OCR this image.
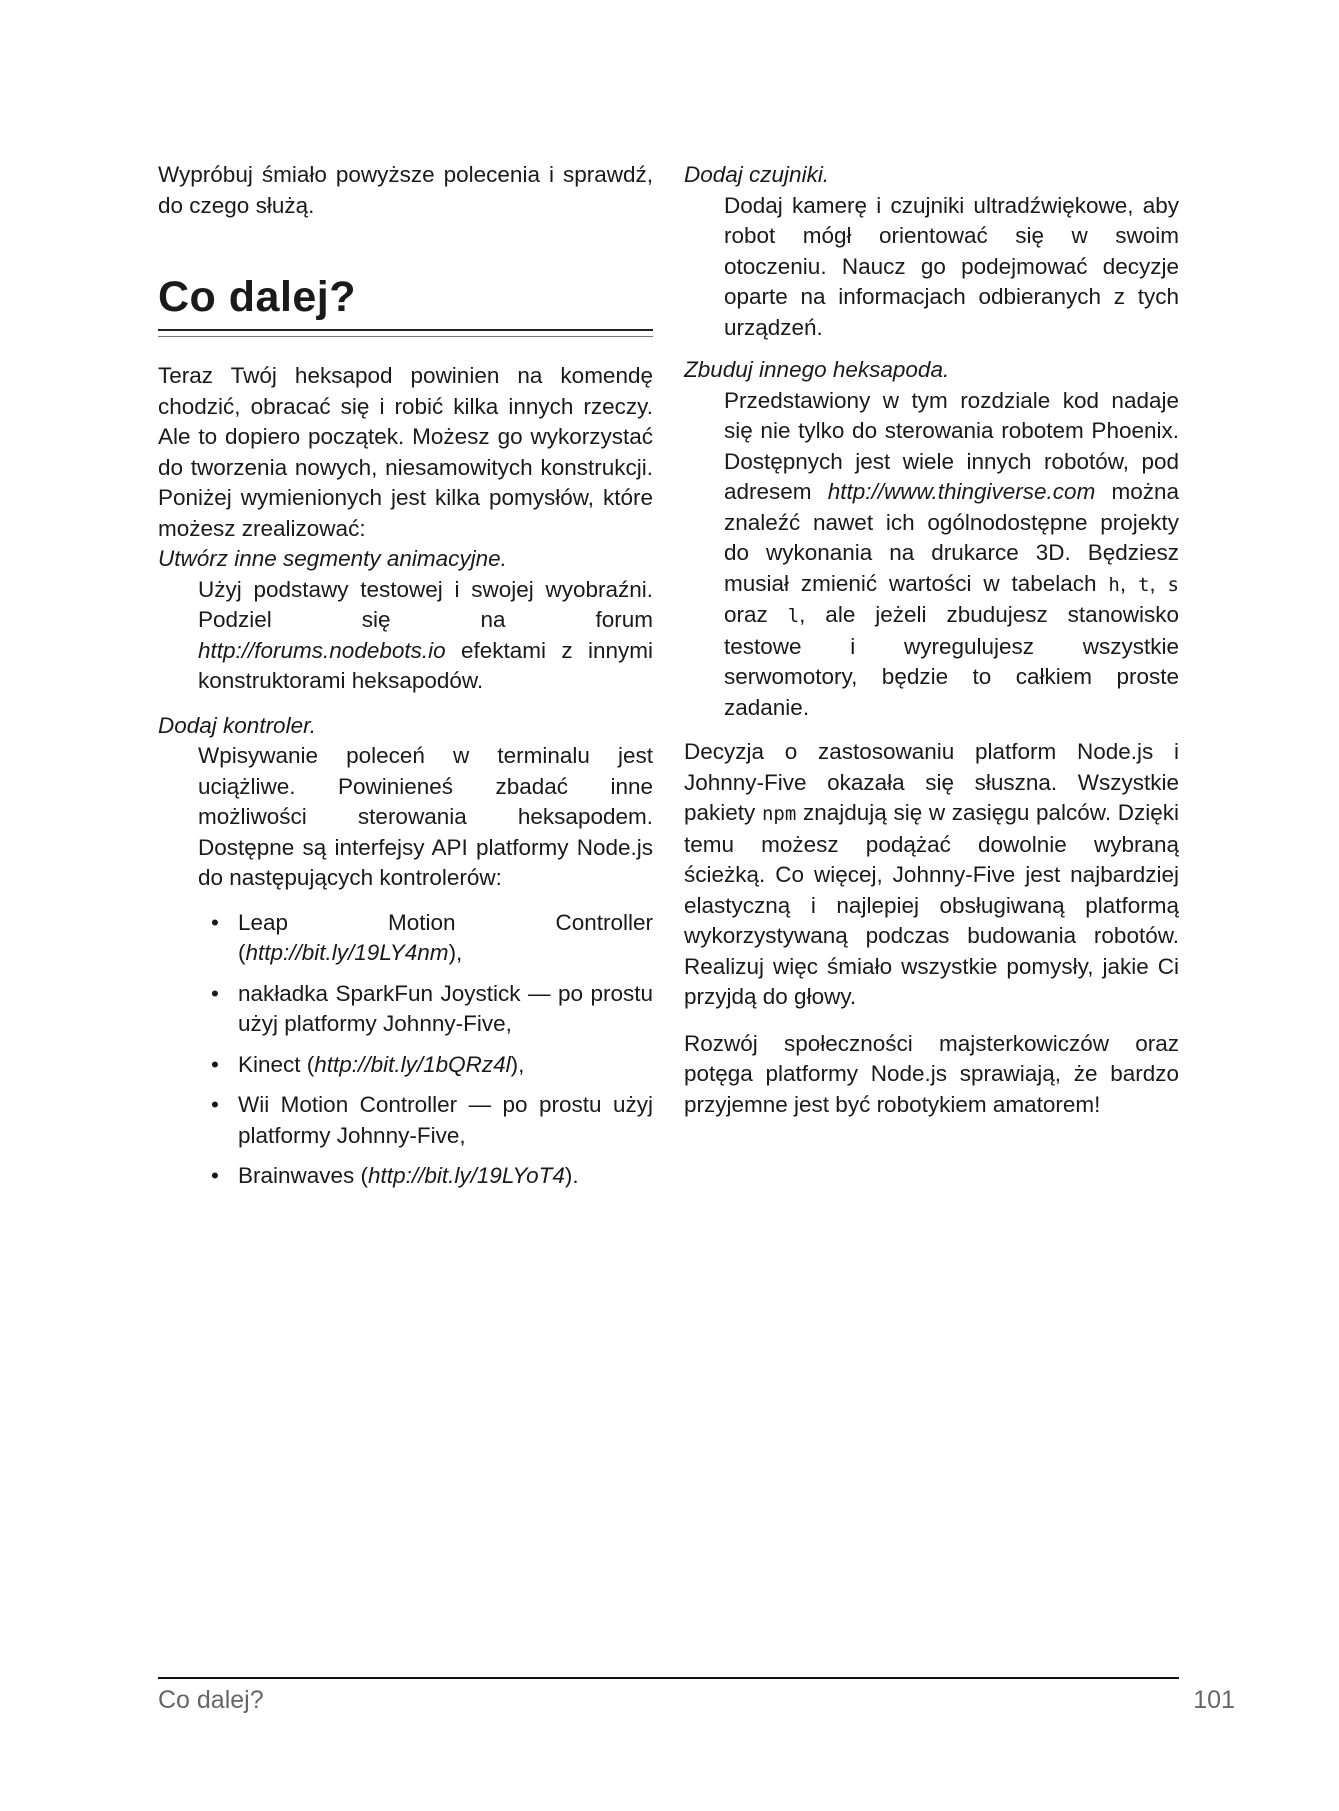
Wypróbuj śmiało powyższe polecenia i sprawdź, do czego służą.

Co dalej?

Teraz Twój heksapod powinien na komendę chodzić, obracać się i robić kilka innych rzeczy. Ale to dopiero początek. Możesz go wykorzystać do tworzenia nowych, niesamowitych konstrukcji. Poniżej wymienionych jest kilka pomysłów, które możesz zrealizować:

Utwórz inne segmenty animacyjne.

Użyj podstawy testowej i swojej wyobraźni. Podziel się na forum http://forums.nodebots.io efektami z innymi konstruktorami heksapodów.

Dodaj kontroler.

Wpisywanie poleceń w terminalu jest uciążliwe. Powinieneś zbadać inne możliwości sterowania heksapodem. Dostępne są interfejsy API platformy Node.js do następujących kontrolerów:

• Leap Motion Controller (http://bit.ly/19LY4nm),
• nakładka SparkFun Joystick — po prostu użyj platformy Johnny-Five,
• Kinect (http://bit.ly/1bQRz4l),
• Wii Motion Controller — po prostu użyj platformy Johnny-Five,
• Brainwaves (http://bit.ly/19LYoT4).

Dodaj czujniki.

Dodaj kamerę i czujniki ultradźwiękowe, aby robot mógł orientować się w swoim otoczeniu. Naucz go podejmować decyzje oparte na informacjach odbieranych z tych urządzeń.

Zbuduj innego heksapoda.

Przedstawiony w tym rozdziale kod nadaje się nie tylko do sterowania robotem Phoenix. Dostępnych jest wiele innych robotów, pod adresem http://www.thingiverse.com można znaleźć nawet ich ogólnodostępne projekty do wykonania na drukarce 3D. Będziesz musiał zmienić wartości w tabelach h, t, s oraz l, ale jeżeli zbudujesz stanowisko testowe i wyregulujesz wszystkie serwomotory, będzie to całkiem proste zadanie.

Decyzja o zastosowaniu platform Node.js i Johnny-Five okazała się słuszna. Wszystkie pakiety npm znajdują się w zasięgu palców. Dzięki temu możesz podążać dowolnie wybraną ścieżką. Co więcej, Johnny-Five jest najbardziej elastyczną i najlepiej obsługiwaną platformą wykorzystywaną podczas budowania robotów. Realizuj więc śmiało wszystkie pomysły, jakie Ci przyjdą do głowy.

Rozwój społeczności majsterkowiczów oraz potęga platformy Node.js sprawiają, że bardzo przyjemne jest być robotykiem amatorem!

Co dalej?	101
